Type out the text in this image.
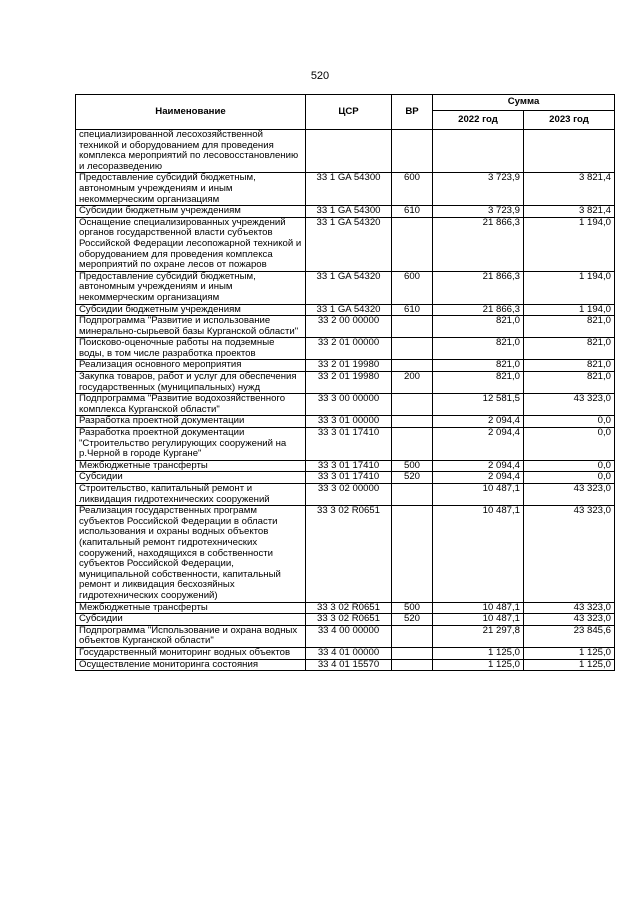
520
Наименование	ЦСР	ВР	Сумма	
			2022 год	2023 год
специализированной лесохозяйственной техникой и оборудованием для проведения комплекса мероприятий по лесовосстановлению и лесоразведению				
Предоставление субсидий бюджетным, автономным учреждениям и иным некоммерческим организациям	33 1 GA 54300	600	3 723,9	3 821,4
Субсидии бюджетным учреждениям	33 1 GA 54300	610	3 723,9	3 821,4
Оснащение специализированных учреждений органов государственной власти субъектов Российской Федерации лесопожарной техникой и оборудованием для проведения комплекса мероприятий по охране лесов от пожаров	33 1 GA 54320		21 866,3	1 194,0
Предоставление субсидий бюджетным, автономным учреждениям и иным некоммерческим организациям	33 1 GA 54320	600	21 866,3	1 194,0
Субсидии бюджетным учреждениям	33 1 GA 54320	610	21 866,3	1 194,0
Подпрограмма "Развитие и использование минерально-сырьевой базы Курганской области"	33 2 00 00000		821,0	821,0
Поисково-оценочные работы на подземные воды, в том числе разработка проектов	33 2 01 00000		821,0	821,0
Реализация основного мероприятия	33 2 01 19980		821,0	821,0
Закупка товаров, работ и услуг для обеспечения государственных (муниципальных) нужд	33 2 01 19980	200	821,0	821,0
Подпрограмма "Развитие водохозяйственного комплекса Курганской области"	33 3 00 00000		12 581,5	43 323,0
Разработка проектной документации	33 3 01 00000		2 094,4	0,0
Разработка проектной документации "Строительство регулирующих сооружений на р.Черной в городе Кургане"	33 3 01 17410		2 094,4	0,0
Межбюджетные трансферты	33 3 01 17410	500	2 094,4	0,0
Субсидии	33 3 01 17410	520	2 094,4	0,0
Строительство, капитальный ремонт и ликвидация гидротехнических сооружений	33 3 02 00000		10 487,1	43 323,0
Реализация государственных программ субъектов Российской Федерации в области использования и охраны водных объектов (капитальный ремонт гидротехнических сооружений, находящихся в собственности субъектов Российской Федерации, муниципальной собственности, капитальный ремонт и ликвидация бесхозяйных гидротехнических сооружений)	33 3 02 R0651		10 487,1	43 323,0
Межбюджетные трансферты	33 3 02 R0651	500	10 487,1	43 323,0
Субсидии	33 3 02 R0651	520	10 487,1	43 323,0
Подпрограмма "Использование и охрана водных объектов Курганской области"	33 4 00 00000		21 297,8	23 845,6
Государственный мониторинг водных объектов	33 4 01 00000		1 125,0	1 125,0
Осуществление мониторинга состояния	33 4 01 15570		1 125,0	1 125,0
